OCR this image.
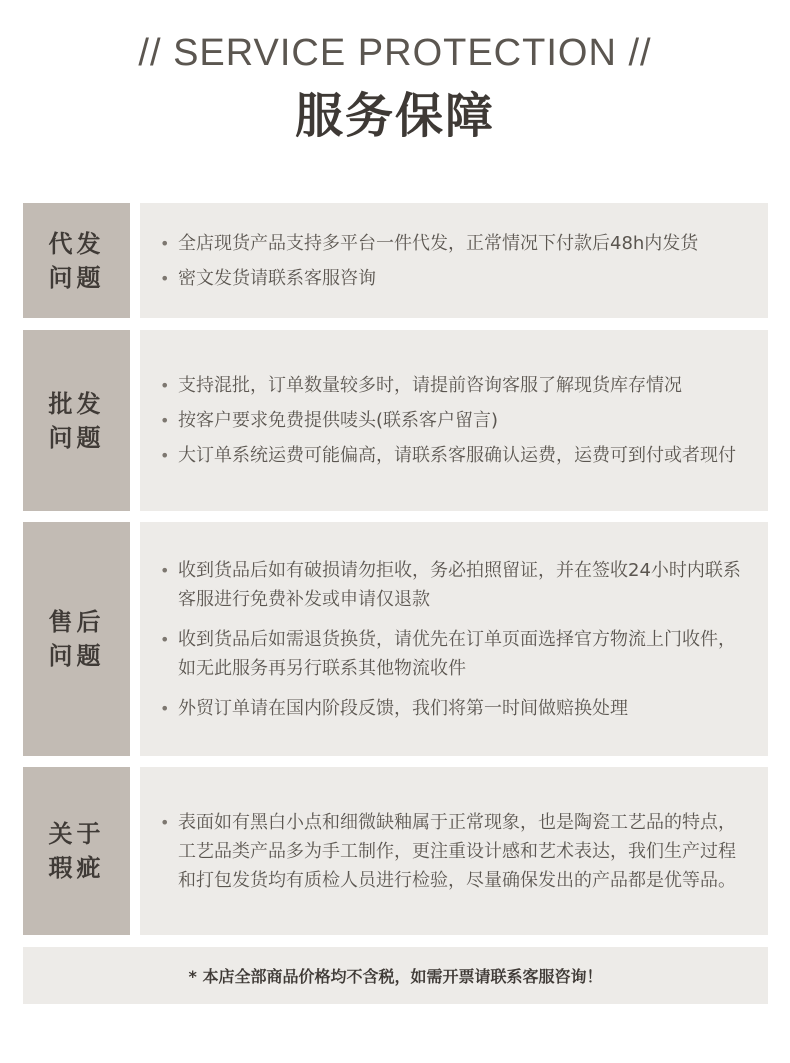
// SERVICE PROTECTION //
服务保障
代发
问题
• 全店现货产品支持多平台一件代发，正常情况下付款后48h内发货
• 密文发货请联系客服咨询
批发
问题
• 支持混批，订单数量较多时，请提前咨询客服了解现货库存情况
• 按客户要求免费提供唛头(联系客户留言)
• 大订单系统运费可能偏高，请联系客服确认运费，运费可到付或者现付
售后
问题
• 收到货品后如有破损请勿拒收，务必拍照留证，并在签收24小时内联系客服进行免费补发或申请仅退款
• 收到货品后如需退货换货，请优先在订单页面选择官方物流上门收件，如无此服务再另行联系其他物流收件
• 外贸订单请在国内阶段反馈，我们将第一时间做赔换处理
关于
瑕疵
• 表面如有黑白小点和细微缺釉属于正常现象，也是陶瓷工艺品的特点，工艺品类产品多为手工制作，更注重设计感和艺术表达，我们生产过程和打包发货均有质检人员进行检验，尽量确保发出的产品都是优等品。
* 本店全部商品价格均不含税，如需开票请联系客服咨询！
